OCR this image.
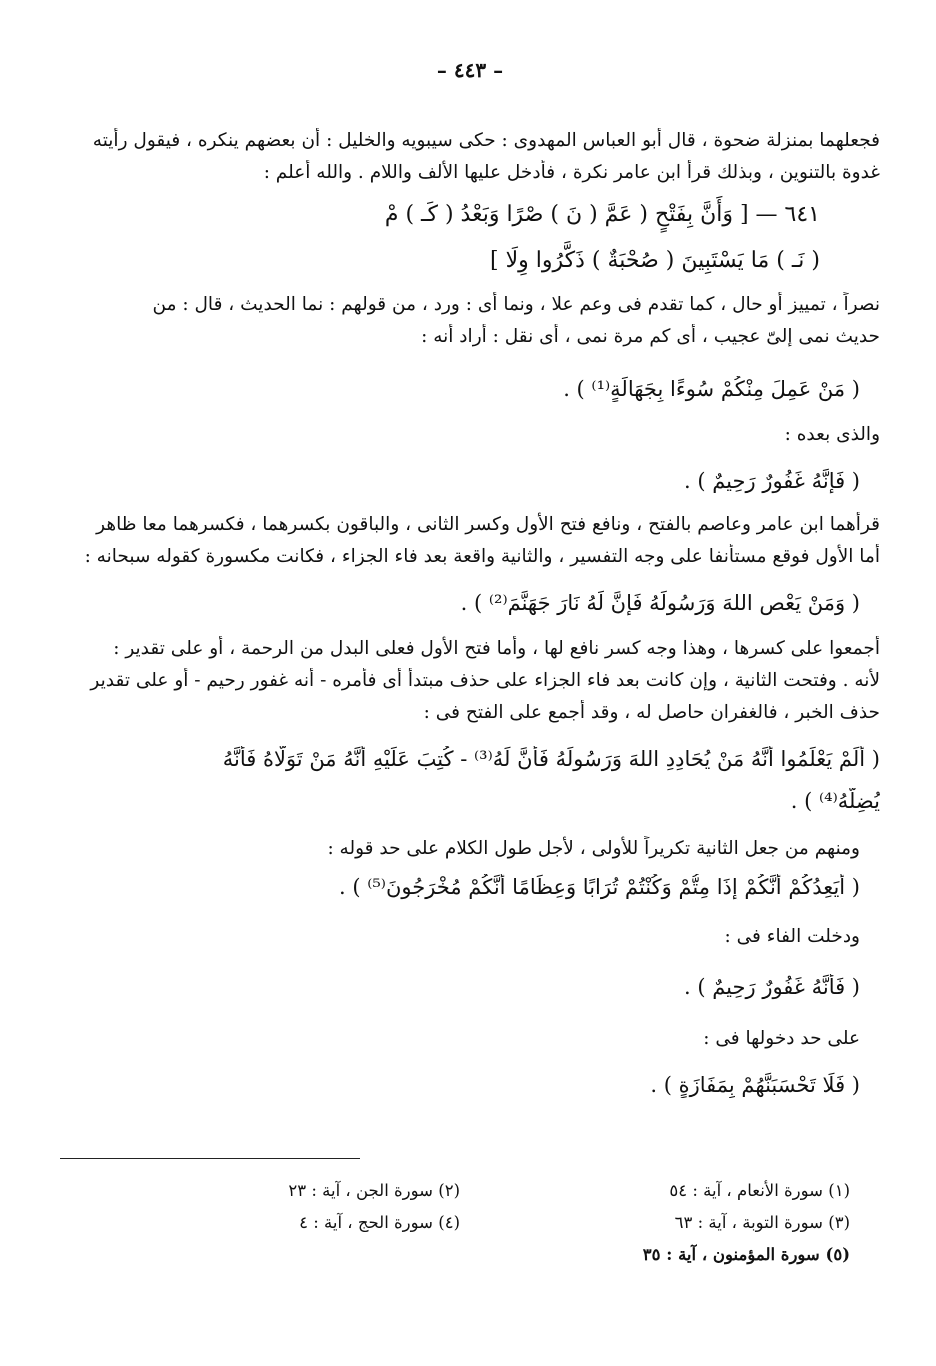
– ٤٤٣ –
فجعلهما بمنزلة ضحوة ، قال أبو العباس المهدوى : حكى سيبويه والخليل : أن بعضهم ينكره ، فيقول رأيته
غدوة بالتنوين ، وبذلك قرأ ابن عامر نكرة ، فأدخل عليها الألف واللام . والله أعلم :
٦٤١ — [ وَأَنَّ بِفَتْحٍ ( عَمَّ ( نَ ) صْرًا وَبَعْدُ ( كَـ ) مْ
( نَـ ) مَا يَسْتَبِينَ ( صُحْبَةٌ ) ذَكَّرُوا وِلَا ]
نصراً ، تمييز أو حال ، كما تقدم فى وعم علا ، ونما أى : ورد ، من قولهم : نما الحديث ، قال : من
حديث نمى إلىّ عجيب ، أى كم مرة نمى ، أى نقل : أراد أنه :
( مَنْ عَمِلَ مِنْكُمْ سُوءًا بِجَهَالَةٍ⁽¹⁾ ) .
والذى بعده :
( فَإِنَّهُ غَفُورٌ رَحِيمٌ ) .
قرأهما ابن عامر وعاصم بالفتح ، ونافع فتح الأول وكسر الثانى ، والباقون بكسرهما ، فكسرهما معا ظاهر
أما الأول فوقع مستأنفا على وجه التفسير ، والثانية واقعة بعد فاء الجزاء ، فكانت مكسورة كقوله سبحانه :
( وَمَنْ يَعْصِ اللهَ وَرَسُولَهُ فَإِنَّ لَهُ نَارَ جَهَنَّمَ⁽²⁾ ) .
أجمعوا على كسرها ، وهذا وجه كسر نافع لها ، وأما فتح الأول فعلى البدل من الرحمة ، أو على تقدير :
لأنه . وفتحت الثانية ، وإن كانت بعد فاء الجزاء على حذف مبتدأ أى فأمره - أنه غفور رحيم - أو على تقدير
حذف الخبر ، فالغفران حاصل له ، وقد أجمع على الفتح فى :
( أَلَمْ يَعْلَمُوا أَنَّهُ مَنْ يُحَادِدِ اللهَ وَرَسُولَهُ فَأَنَّ لَهُ⁽³⁾ - كُتِبَ عَلَيْهِ أَنَّهُ مَنْ تَوَلَّاهُ فَأَنَّهُ
يُضِلُّهُ⁽⁴⁾ ) .
ومنهم من جعل الثانية تكريراً للأولى ، لأجل طول الكلام على حد قوله :
( أَيَعِدُكُمْ أَنَّكُمْ إِذَا مِتُّمْ وَكُنْتُمْ تُرَابًا وَعِظَامًا أَنَّكُمْ مُخْرَجُونَ⁽⁵⁾ ) .
ودخلت الفاء فى :
( فَأَنَّهُ غَفُورٌ رَحِيمٌ ) .
على حد دخولها فى :
( فَلَا تَحْسَبَنَّهُمْ بِمَفَازَةٍ ) .
(١) سورة الأنعام ، آية : ٥٤
(٢) سورة الجن ، آية : ٢٣
(٣) سورة التوبة ، آية : ٦٣
(٤) سورة الحج ، آية : ٤
(٥) سورة المؤمنون ، آية : ٣٥
